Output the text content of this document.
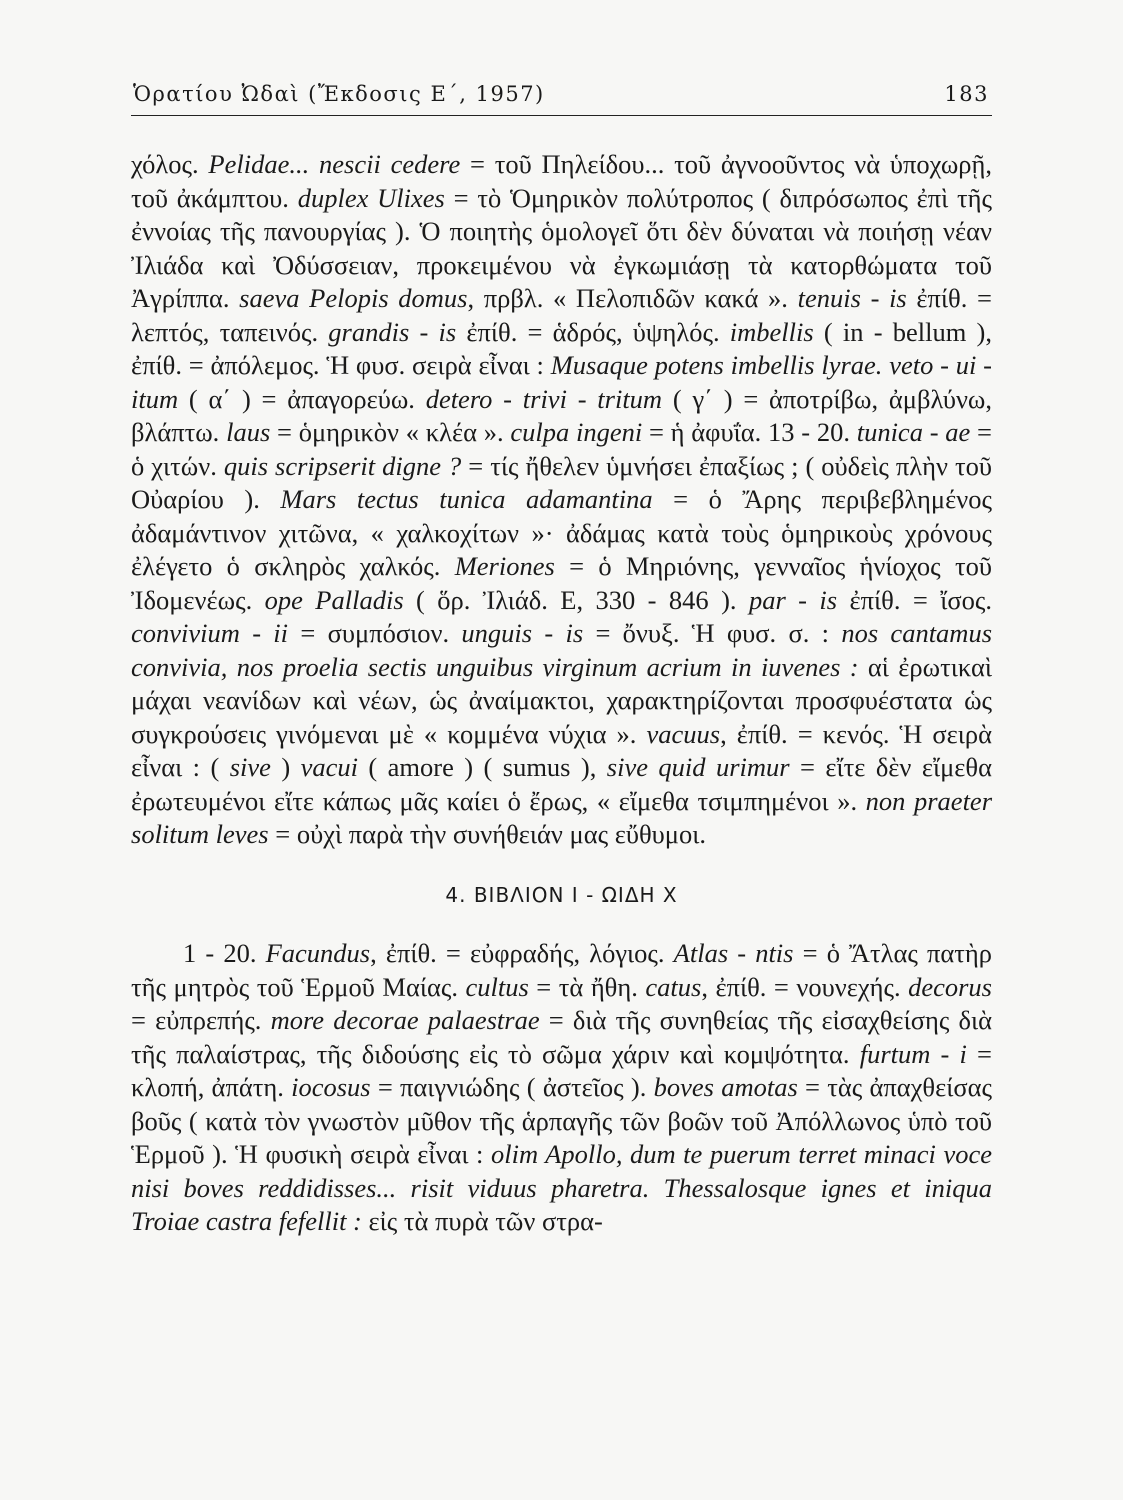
Ὁρατίου Ὠδαὶ (Ἔκδοσις Ε΄, 1957)	183

χόλος. Pelidae... nescii cedere = τοῦ Πηλείδου... τοῦ ἀγνοοῦντος νὰ ὑποχωρῇ, τοῦ ἀκάμπτου. duplex Ulixes = τὸ Ὁμηρικὸν πολύτροπος ( διπρόσωπος ἐπὶ τῆς ἐννοίας τῆς πανουργίας ). Ὁ ποιητὴς ὁμολογεῖ ὅτι δὲν δύναται νὰ ποιήσῃ νέαν Ἰλιάδα καὶ Ὀδύσσειαν, προκειμένου νὰ ἐγκωμιάσῃ τὰ κατορθώματα τοῦ Ἀγρίππα. saeva Pelopis domus, πρβλ. « Πελοπιδῶν κακά ». tenuis - is ἐπίθ. = λεπτός, ταπεινός. grandis - is ἐπίθ. = ἁδρός, ὑψηλός. imbellis ( in - bellum ), ἐπίθ. = ἀπόλεμος. Ἡ φυσ. σειρὰ εἶναι : Musaque potens imbellis lyrae. veto - ui - itum ( α΄ ) = ἀπαγορεύω. detero - trivi - tritum ( γ΄ ) = ἀποτρίβω, ἀμβλύνω, βλάπτω. laus = ὁμηρικὸν « κλέα ». culpa ingeni = ἡ ἀφυΐα. 13 - 20. tunica - ae = ὁ χιτών. quis scripserit digne ? = τίς ἤθελεν ὑμνήσει ἐπαξίως ; ( οὐδεὶς πλὴν τοῦ Οὐαρίου ). Mars tectus tunica adamantina = ὁ Ἄρης περιβεβλημένος ἀδαμάντινον χιτῶνα, « χαλκοχίτων »· ἀδάμας κατὰ τοὺς ὁμηρικοὺς χρόνους ἐλέγετο ὁ σκληρὸς χαλκός. Meriones = ὁ Μηριόνης, γενναῖος ἡνίοχος τοῦ Ἰδομενέως. ope Palladis ( ὅρ. Ἰλιάδ. Ε, 330 - 846 ). par - is ἐπίθ. = ἴσος. convivium - ii = συμπόσιον. unguis - is = ὄνυξ. Ἡ φυσ. σ. : nos cantamus convivia, nos proelia sectis unguibus virginum acrium in iuvenes : αἱ ἐρωτικαὶ μάχαι νεανίδων καὶ νέων, ὡς ἀναίμακτοι, χαρακτηρίζονται προσφυέστατα ὡς συγκρούσεις γινόμεναι μὲ « κομμένα νύχια ». vacuus, ἐπίθ. = κενός. Ἡ σειρὰ εἶναι : ( sive ) vacui ( amore ) ( sumus ), sive quid urimur = εἴτε δὲν εἴμεθα ἐρωτευμένοι εἴτε κάπως μᾶς καίει ὁ ἔρως, « εἴμεθα τσιμπημένοι ». non praeter solitum leves = οὐχὶ παρὰ τὴν συνήθειάν μας εὔθυμοι.

4. ΒΙΒΛΙΟΝ Ι - ΩΙΔΗ Χ

1 - 20. Facundus, ἐπίθ. = εὐφραδής, λόγιος. Atlas - ntis = ὁ Ἄτλας πατὴρ τῆς μητρὸς τοῦ Ἑρμοῦ Μαίας. cultus = τὰ ἤθη. catus, ἐπίθ. = νουνεχής. decorus = εὐπρεπής. more decorae palaestrae = διὰ τῆς συνηθείας τῆς εἰσαχθείσης διὰ τῆς παλαίστρας, τῆς διδούσης εἰς τὸ σῶμα χάριν καὶ κομψότητα. furtum - i = κλοπή, ἀπάτη. iocosus = παιγνιώδης ( ἀστεῖος ). boves amotas = τὰς ἀπαχθείσας βοῦς ( κατὰ τὸν γνωστὸν μῦθον τῆς ἁρπαγῆς τῶν βοῶν τοῦ Ἀπόλλωνος ὑπὸ τοῦ Ἑρμοῦ ). Ἡ φυσικὴ σειρὰ εἶναι : olim Apollo, dum te puerum terret minaci voce nisi boves reddidisses... risit viduus pharetra. Thessalosque ignes et iniqua Troiae castra fefellit : εἰς τὰ πυρὰ τῶν στρα-
